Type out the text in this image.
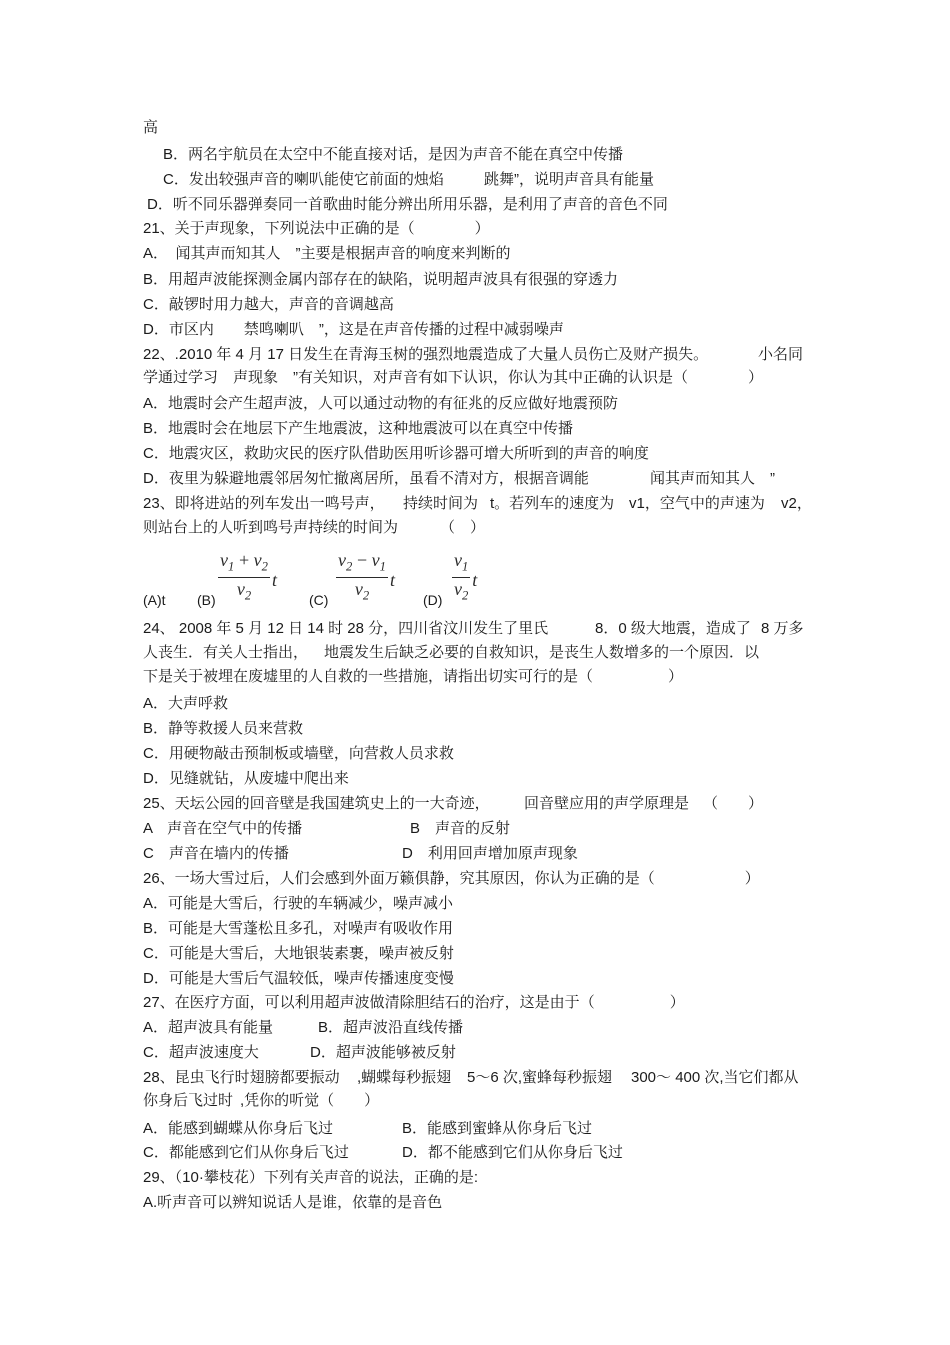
高
B．两名宇航员在太空中不能直接对话，是因为声音不能在真空中传播
C．发出较强声音的喇叭能使它前面的烛焰	跳舞”，说明声音具有能量
D．听不同乐器弹奏同一首歌曲时能分辨出所用乐器，是利用了声音的音色不同
21、关于声现象，下列说法中正确的是（　　　　）
A．　闻其声而知其人　”主要是根据声音的响度来判断的
B．用超声波能探测金属内部存在的缺陷，说明超声波具有很强的穿透力
C．敲锣时用力越大，声音的音调越高
D．市区内　　禁鸣喇叭　”，这是在声音传播的过程中减弱噪声
22、.2010 年 4 月 17 日发生在青海玉树的强烈地震造成了大量人员伤亡及财产损失。	小名同
学通过学习　声现象　”有关知识，对声音有如下认识，你认为其中正确的认识是（　　　　）
A．地震时会产生超声波，人可以通过动物的有征兆的反应做好地震预防
B．地震时会在地层下产生地震波，这种地震波可以在真空中传播
C．地震灾区，救助灾民的医疗队借助医用听诊器可增大所听到的声音的响度
D．夜里为躲避地震邻居匆忙撤离居所，虽看不清对方，根据音调能	闻其声而知其人　”
23、即将进站的列车发出一鸣号声， 持续时间为 t。若列车的速度为 v1，空气中的声速为 v2，
则站台上的人听到鸣号声持续的时间为	（　）
(A)t (B)	(C)	(D)
$\frac{v_1 + v_2}{v_2}$ t	$\frac{v_2 - v_1}{v_2}$ t	$\frac{v_1}{v_2}$ t
24、 2008 年 5 月 12 日 14 时 28 分，四川省汶川发生了里氏	8．0 级大地震，造成了 8 万多
人丧生．有关人士指出， 地震发生后缺乏必要的自救知识，是丧生人数增多的一个原因．以
下是关于被埋在废墟里的人自救的一些措施，请指出切实可行的是（　　　　　）
A．大声呼救
B．静等救援人员来营救
C．用硬物敲击预制板或墙壁，向营救人员求救
D．见缝就钻，从废墟中爬出来
25、天坛公园的回音壁是我国建筑史上的一大奇迹， 回音壁应用的声学原理是 （　　）
A　声音在空气中的传播	B　声音的反射
C　声音在墙内的传播	D　利用回声增加原声现象
26、一场大雪过后，人们会感到外面万籁俱静，究其原因，你认为正确的是（　　　　　　）
A．可能是大雪后，行驶的车辆减少，噪声减小
B．可能是大雪蓬松且多孔，对噪声有吸收作用
C．可能是大雪后，大地银装素裹，噪声被反射
D．可能是大雪后气温较低，噪声传播速度变慢
27、在医疗方面，可以利用超声波做清除胆结石的治疗，这是由于（　　　　　）
A．超声波具有能量	B．超声波沿直线传播
C．超声波速度大	D．超声波能够被反射
28、昆虫飞行时翅膀都要振动 ,蝴蝶每秒振翅 5～6 次,蜜蜂每秒振翅 300～ 400 次,当它们都从
你身后飞过时 ,凭你的听觉（　　）
A．能感到蝴蝶从你身后飞过	B．能感到蜜蜂从你身后飞过
C．都能感到它们从你身后飞过	D．都不能感到它们从你身后飞过
29、（10·攀枝花）下列有关声音的说法，正确的是:
A.听声音可以辨知说话人是谁，依靠的是音色
